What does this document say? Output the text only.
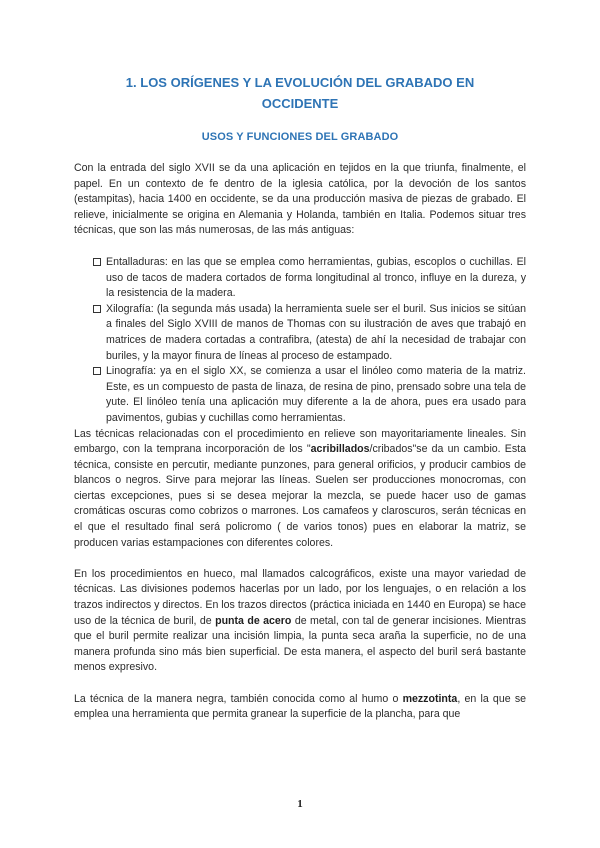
1. LOS ORÍGENES Y LA EVOLUCIÓN DEL GRABADO EN OCCIDENTE
USOS Y FUNCIONES DEL GRABADO

Con la entrada del siglo XVII se da una aplicación en tejidos en la que triunfa, finalmente, el papel. En un contexto de fe dentro de la iglesia católica, por la devoción de los santos (estampitas), hacia 1400 en occidente, se da una producción masiva de piezas de grabado. El relieve, inicialmente se origina en Alemania y Holanda, también en Italia. Podemos situar tres técnicas, que son las más numerosas, de las más antiguas:

Entalladuras: en las que se emplea como herramientas, gubias, escoplos o cuchillas. El uso de tacos de madera cortados de forma longitudinal al tronco, influye en la dureza, y la resistencia de la madera.
Xilografía: (la segunda más usada) la herramienta suele ser el buril. Sus inicios se sitúan a finales del Siglo XVIII de manos de Thomas con su ilustración de aves que trabajó en matrices de madera cortadas a contrafibra, (atesta) de ahí la necesidad de trabajar con buriles, y la mayor finura de líneas al proceso de estampado.
Linografía: ya en el siglo XX, se comienza a usar el linóleo como materia de la matriz. Este, es un compuesto de pasta de linaza, de resina de pino, prensado sobre una tela de yute. El linóleo tenía una aplicación muy diferente a la de ahora, pues era usado para pavimentos, gubias y cuchillas como herramientas.

Las técnicas relacionadas con el procedimiento en relieve son mayoritariamente lineales. Sin embargo, con la temprana incorporación de los "acribillados/cribados"se da un cambio. Esta técnica, consiste en percutir, mediante punzones, para general orificios, y producir cambios de blancos o negros. Sirve para mejorar las líneas. Suelen ser producciones monocromas, con ciertas excepciones, pues si se desea mejorar la mezcla, se puede hacer uso de gamas cromáticas oscuras como cobrizos o marrones. Los camafeos y claroscuros, serán técnicas en el que el resultado final será policromo ( de varios tonos) pues en elaborar la matriz, se producen varias estampaciones con diferentes colores.

En los procedimientos en hueco, mal llamados calcográficos, existe una mayor variedad de técnicas. Las divisiones podemos hacerlas por un lado, por los lenguajes, o en relación a los trazos indirectos y directos. En los trazos directos (práctica iniciada en 1440 en Europa) se hace uso de la técnica de buril, de punta de acero de metal, con tal de generar incisiones. Mientras que el buril permite realizar una incisión limpia, la punta seca araña la superficie, no de una manera profunda sino más bien superficial. De esta manera, el aspecto del buril será bastante menos expresivo.

La técnica de la manera negra, también conocida como al humo o mezzotinta, en la que se emplea una herramienta que permita granear la superficie de la plancha, para que

1
